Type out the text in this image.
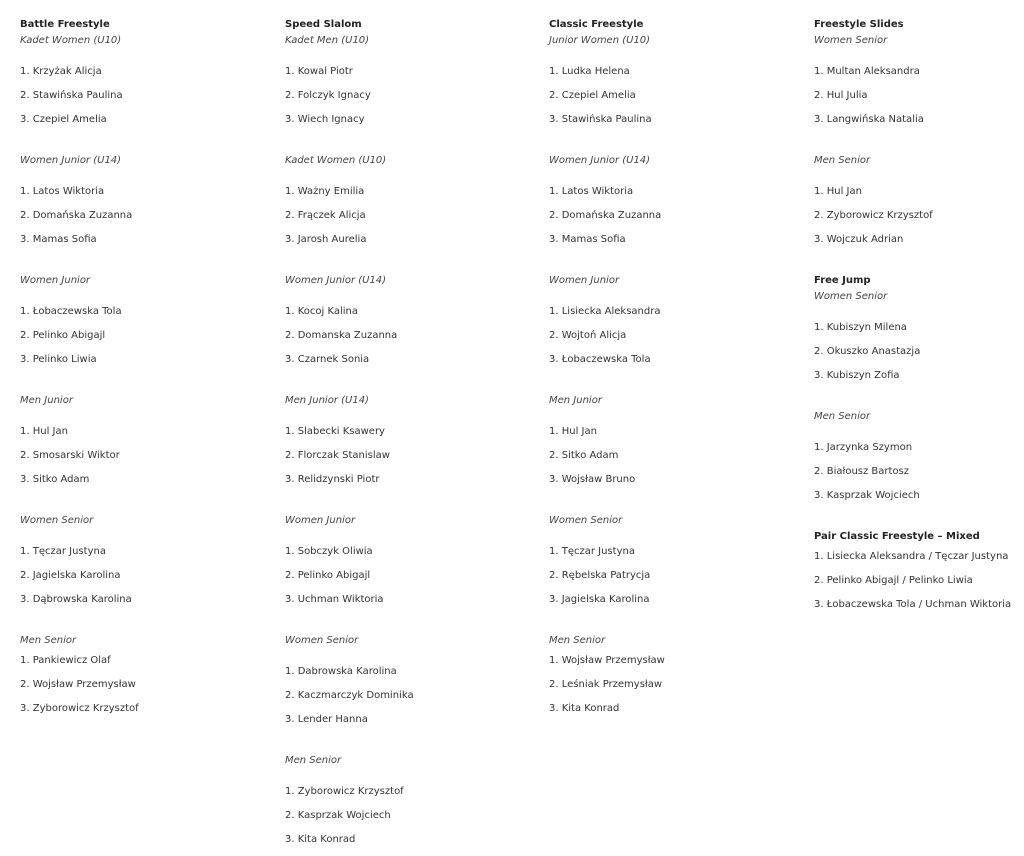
Battle Freestyle
Kadet Women (U10)
1. Krzyżak Alicja
2. Stawińska Paulina
3. Czepiel Amelia
Women Junior (U14)
1. Latos Wiktoria
2. Domańska Zuzanna
3. Mamas Sofia
Women Junior
1. Łobaczewska Tola
2. Pelinko Abigajl
3. Pelinko Liwia
Men Junior
1. Hul Jan
2. Smosarski Wiktor
3. Sitko Adam
Women Senior
1. Tęczar Justyna
2. Jagielska Karolina
3. Dąbrowska Karolina
Men Senior
1. Pankiewicz Olaf
2. Wojsław Przemysław
3. Zyborowicz Krzysztof
Speed Slalom
Kadet Men (U10)
1. Kowal Piotr
2. Folczyk Ignacy
3. Wiech Ignacy
Kadet Women (U10)
1. Ważny Emilia
2. Frączek Alicja
3. Jarosh Aurelia
Women Junior (U14)
1. Kocoj Kalina
2. Domanska Zuzanna
3. Czarnek Sonia
Men Junior (U14)
1. Slabecki Ksawery
2. Florczak Stanislaw
3. Relidzynski Piotr
Women Junior
1. Sobczyk Oliwia
2. Pelinko Abigajl
3. Uchman Wiktoria
Women Senior
1. Dabrowska Karolina
2. Kaczmarczyk Dominika
3. Lender Hanna
Men Senior
1. Zyborowicz Krzysztof
2. Kasprzak Wojciech
3. Kita Konrad
Classic Freestyle
Junior Women (U10)
1. Ludka Helena
2. Czepiel Amelia
3. Stawińska Paulina
Women Junior (U14)
1. Latos Wiktoria
2. Domańska Zuzanna
3. Mamas Sofia
Women Junior
1. Lisiecka Aleksandra
2. Wojtoń Alicja
3. Łobaczewska Tola
Men Junior
1. Hul Jan
2. Sitko Adam
3. Wojsław Bruno
Women Senior
1. Tęczar Justyna
2. Rębelska Patrycja
3. Jagielska Karolina
Men Senior
1. Wojsław Przemysław
2. Leśniak Przemysław
3. Kita Konrad
Freestyle Slides
Women Senior
1. Multan Aleksandra
2. Hul Julia
3. Langwińska Natalia
Men Senior
1. Hul Jan
2. Zyborowicz Krzysztof
3. Wojczuk Adrian
Free Jump
Women Senior
1. Kubiszyn Milena
2. Okuszko Anastazja
3. Kubiszyn Zofia
Men Senior
1. Jarzynka Szymon
2. Białousz Bartosz
3. Kasprzak Wojciech
Pair Classic Freestyle – Mixed
1. Lisiecka Aleksandra / Tęczar Justyna
2. Pelinko Abigajl / Pelinko Liwia
3. Łobaczewska Tola / Uchman Wiktoria
